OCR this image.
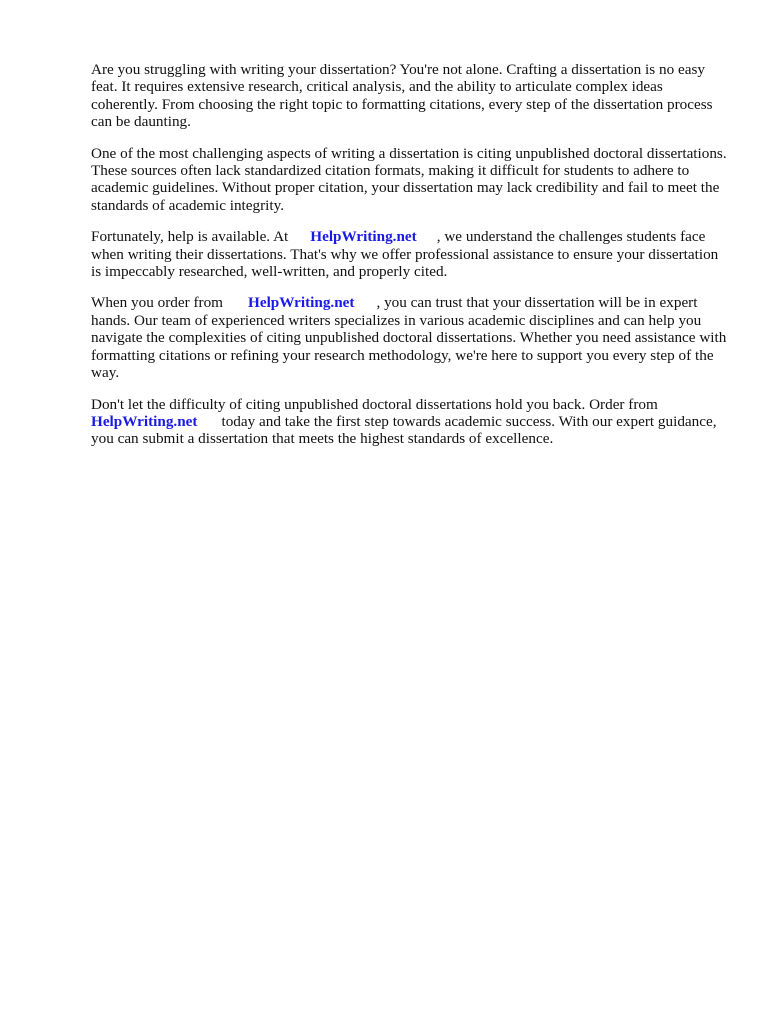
Are you struggling with writing your dissertation? You're not alone. Crafting a dissertation is no easy feat. It requires extensive research, critical analysis, and the ability to articulate complex ideas coherently. From choosing the right topic to formatting citations, every step of the dissertation process can be daunting.

One of the most challenging aspects of writing a dissertation is citing unpublished doctoral dissertations. These sources often lack standardized citation formats, making it difficult for students to adhere to academic guidelines. Without proper citation, your dissertation may lack credibility and fail to meet the standards of academic integrity.

Fortunately, help is available. At HelpWriting.net , we understand the challenges students face when writing their dissertations. That's why we offer professional assistance to ensure your dissertation is impeccably researched, well-written, and properly cited.

When you order from HelpWriting.net , you can trust that your dissertation will be in expert hands. Our team of experienced writers specializes in various academic disciplines and can help you navigate the complexities of citing unpublished doctoral dissertations. Whether you need assistance with formatting citations or refining your research methodology, we're here to support you every step of the way.

Don't let the difficulty of citing unpublished doctoral dissertations hold you back. Order from HelpWriting.net today and take the first step towards academic success. With our expert guidance, you can submit a dissertation that meets the highest standards of excellence.
